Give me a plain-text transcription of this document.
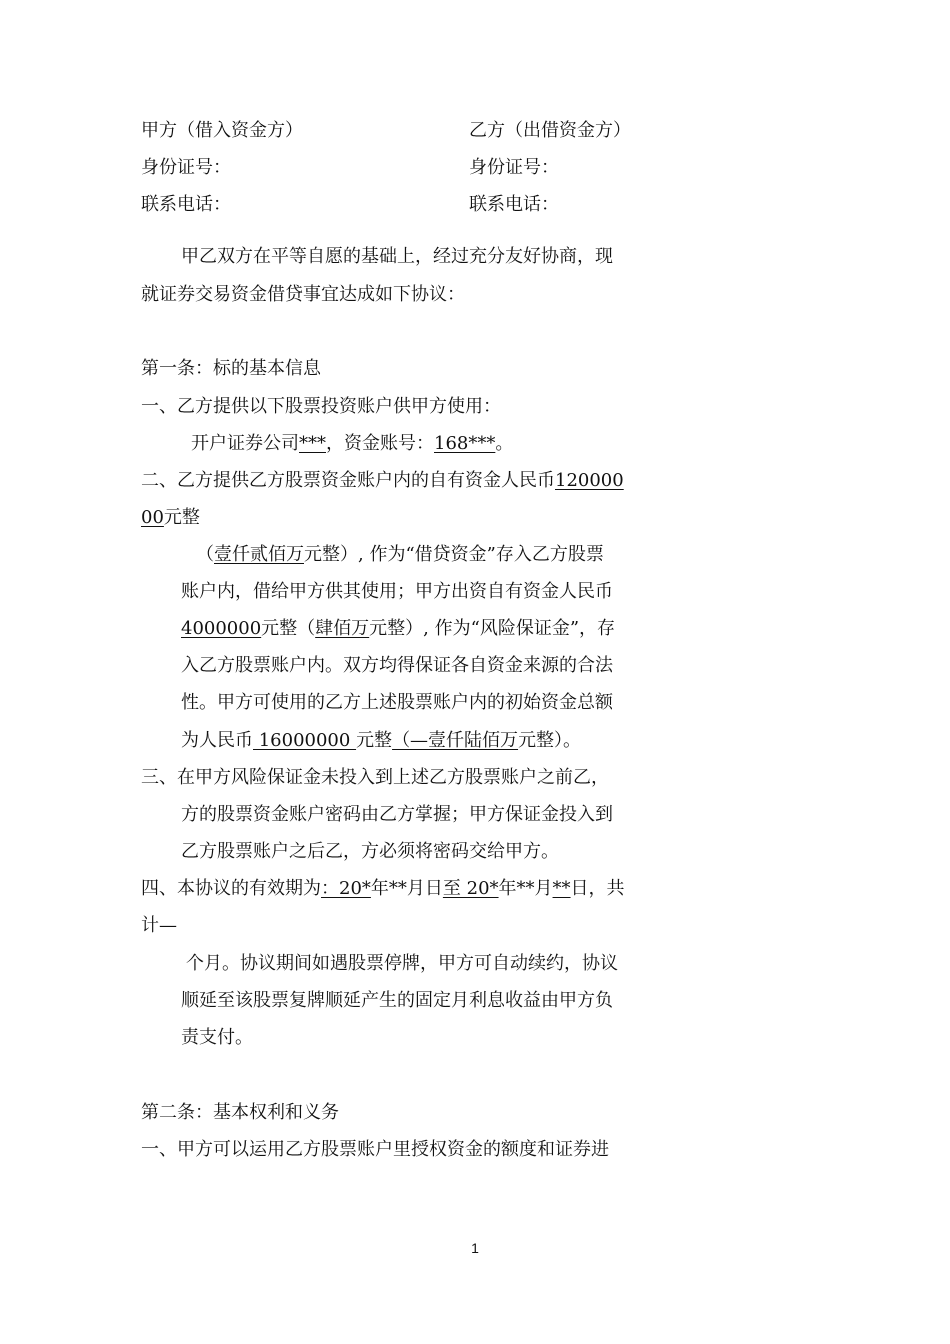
甲方（借入资金方）	乙方（出借资金方）
身份证号：	身份证号：
联系电话：	联系电话：
甲乙双方在平等自愿的基础上，经过充分友好协商，现
就证券交易资金借贷事宜达成如下协议：
第一条：标的基本信息
一、乙方提供以下股票投资账户供甲方使用：
开户证券公司***，资金账号：168***。
二、乙方提供乙方股票资金账户内的自有资金人民币120000
00元整
（壹仟贰佰万元整）, 作为“借贷资金”存入乙方股票
账户内，借给甲方供其使用；甲方出资自有资金人民币
4000000元整（肆佰万元整）, 作为“风险保证金”，存
入乙方股票账户内。双方均得保证各自资金来源的合法
性。甲方可使用的乙方上述股票账户内的初始资金总额
为人民币 16000000 元整（—壹仟陆佰万元整）。
三、在甲方风险保证金未投入到上述乙方股票账户之前乙，
方的股票资金账户密码由乙方掌握；甲方保证金投入到
乙方股票账户之后乙，方必须将密码交给甲方。
四、本协议的有效期为：20*年**月日至 20*年**月**日，共
计—
个月。协议期间如遇股票停牌，甲方可自动续约，协议
顺延至该股票复牌顺延产生的固定月利息收益由甲方负
责支付。
第二条：基本权利和义务
一、甲方可以运用乙方股票账户里授权资金的额度和证券进
1
